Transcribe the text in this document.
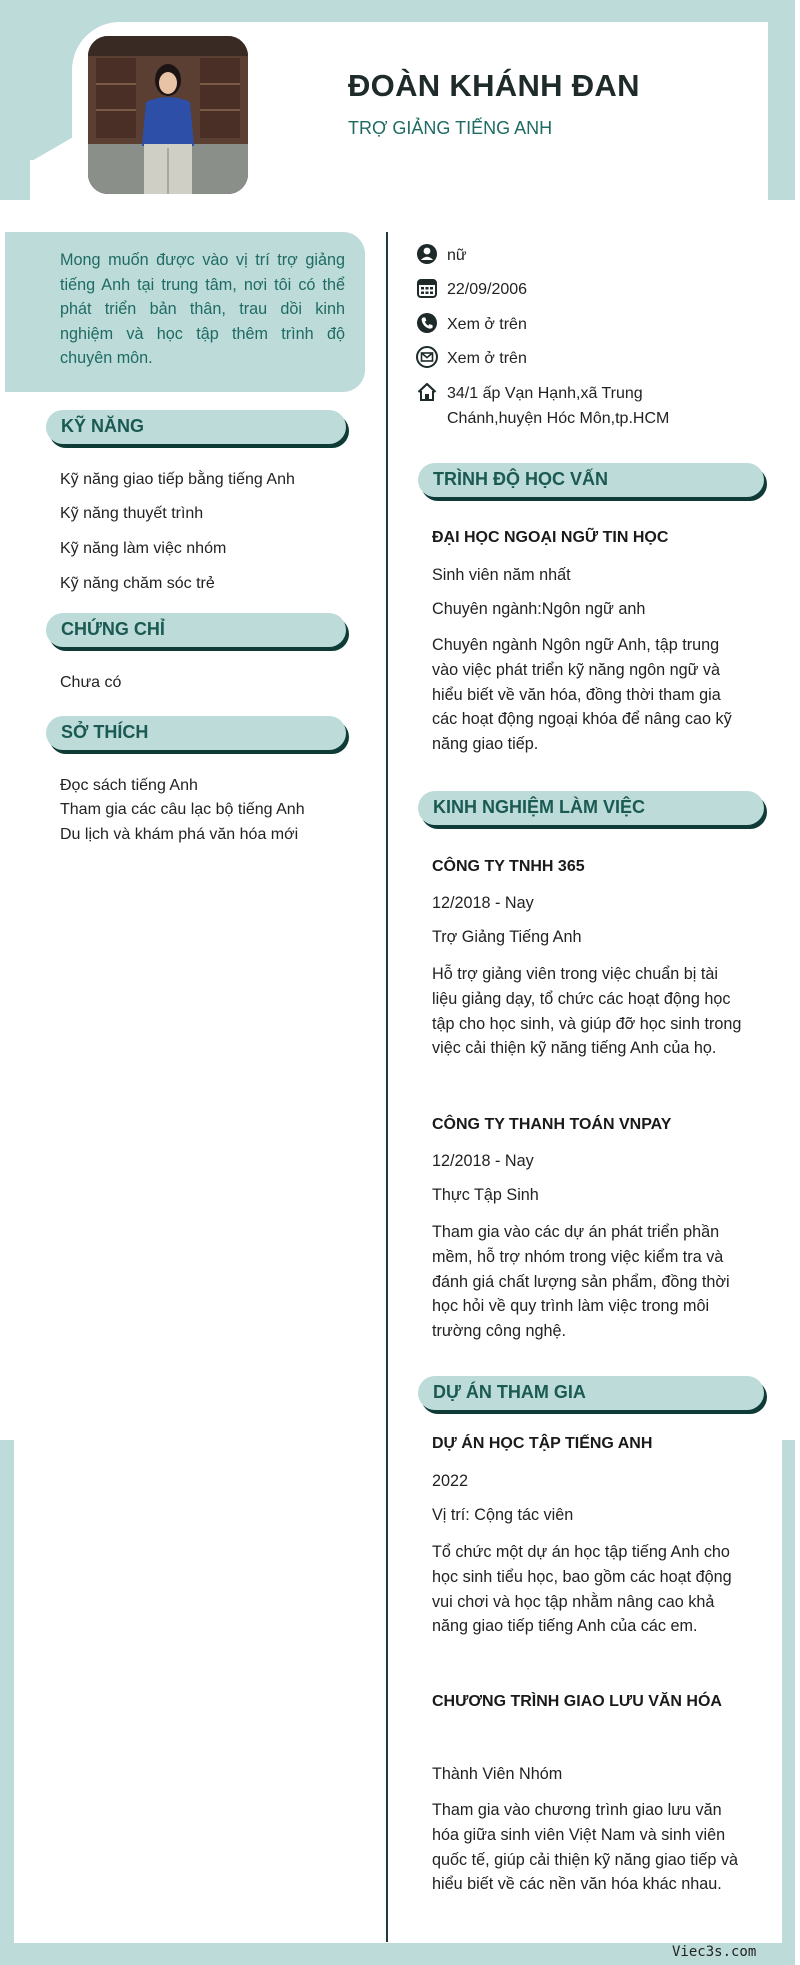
ĐOÀN KHÁNH ĐAN
TRỢ GIẢNG TIẾNG ANH
Mong muốn được vào vị trí trợ giảng tiếng Anh tại trung tâm, nơi tôi có thể phát triển bản thân, trau dồi kinh nghiệm và học tập thêm trình độ chuyên môn.
KỸ NĂNG
Kỹ năng giao tiếp bằng tiếng Anh
Kỹ năng thuyết trình
Kỹ năng làm việc nhóm
Kỹ năng chăm sóc trẻ
CHỨNG CHỈ
Chưa có
SỞ THÍCH
Đọc sách tiếng Anh
Tham gia các câu lạc bộ tiếng Anh
Du lịch và khám phá văn hóa mới
nữ
22/09/2006
Xem ở trên
Xem ở trên
34/1 ấp Vạn Hạnh,xã Trung Chánh,huyện Hóc Môn,tp.HCM
TRÌNH ĐỘ HỌC VẤN
ĐẠI HỌC NGOẠI NGỮ TIN HỌC
Sinh viên năm nhất
Chuyên ngành:Ngôn ngữ anh
Chuyên ngành Ngôn ngữ Anh, tập trung vào việc phát triển kỹ năng ngôn ngữ và hiểu biết về văn hóa, đồng thời tham gia các hoạt động ngoại khóa để nâng cao kỹ năng giao tiếp.
KINH NGHIỆM LÀM VIỆC
CÔNG TY TNHH 365
12/2018 - Nay
Trợ Giảng Tiếng Anh
Hỗ trợ giảng viên trong việc chuẩn bị tài liệu giảng dạy, tổ chức các hoạt động học tập cho học sinh, và giúp đỡ học sinh trong việc cải thiện kỹ năng tiếng Anh của họ.
CÔNG TY THANH TOÁN VNPAY
12/2018 - Nay
Thực Tập Sinh
Tham gia vào các dự án phát triển phần mềm, hỗ trợ nhóm trong việc kiểm tra và đánh giá chất lượng sản phẩm, đồng thời học hỏi về quy trình làm việc trong môi trường công nghệ.
DỰ ÁN THAM GIA
DỰ ÁN HỌC TẬP TIẾNG ANH
2022
Vị trí: Cộng tác viên
Tổ chức một dự án học tập tiếng Anh cho học sinh tiểu học, bao gồm các hoạt động vui chơi và học tập nhằm nâng cao khả năng giao tiếp tiếng Anh của các em.
CHƯƠNG TRÌNH GIAO LƯU VĂN HÓA
Thành Viên Nhóm
Tham gia vào chương trình giao lưu văn hóa giữa sinh viên Việt Nam và sinh viên quốc tế, giúp cải thiện kỹ năng giao tiếp và hiểu biết về các nền văn hóa khác nhau.
Viec3s.com
